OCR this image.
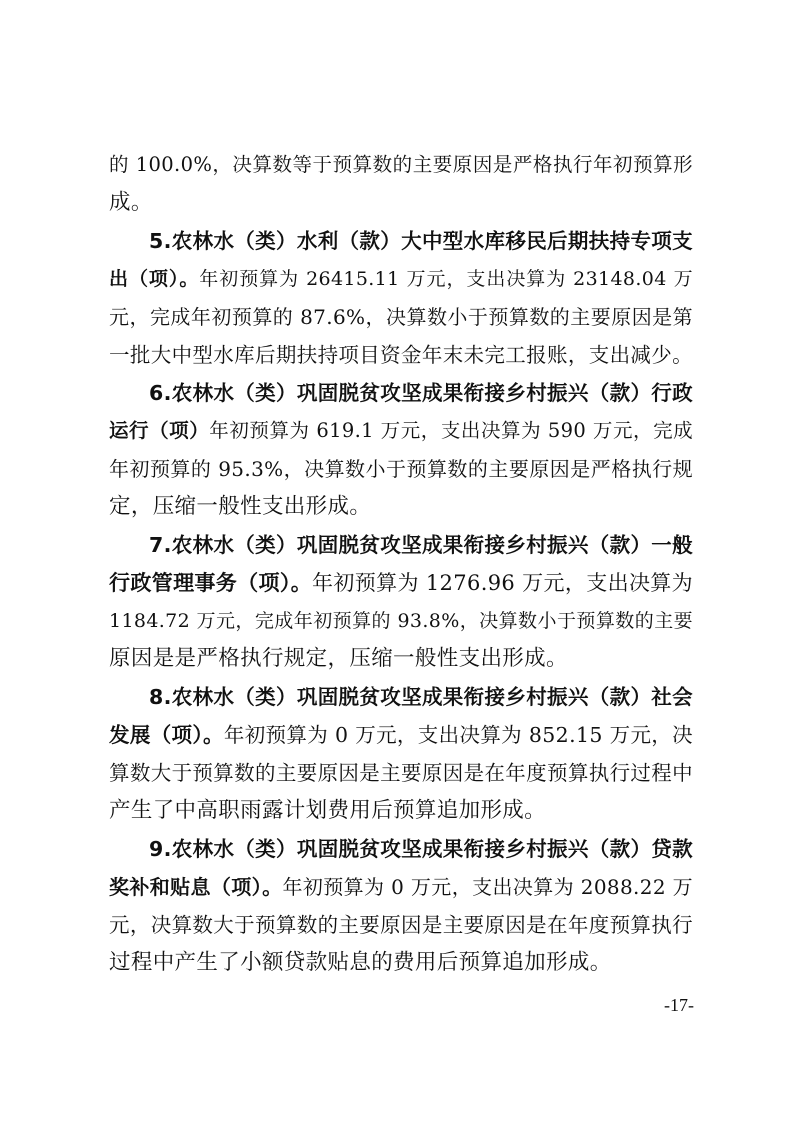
的 100.0%，决算数等于预算数的主要原因是严格执行年初预算形
成。
5.农林水（类）水利（款）大中型水库移民后期扶持专项支
出（项）。年初预算为 26415.11 万元，支出决算为 23148.04 万
元，完成年初预算的 87.6%，决算数小于预算数的主要原因是第
一批大中型水库后期扶持项目资金年末未完工报账，支出减少。
6.农林水（类）巩固脱贫攻坚成果衔接乡村振兴（款）行政
运行（项）年初预算为 619.1 万元，支出决算为 590 万元，完成
年初预算的 95.3%，决算数小于预算数的主要原因是严格执行规
定，压缩一般性支出形成。
7.农林水（类）巩固脱贫攻坚成果衔接乡村振兴（款）一般
行政管理事务（项）。年初预算为 1276.96 万元，支出决算为
1184.72 万元，完成年初预算的 93.8%，决算数小于预算数的主要
原因是是严格执行规定，压缩一般性支出形成。
8.农林水（类）巩固脱贫攻坚成果衔接乡村振兴（款）社会
发展（项）。年初预算为 0 万元，支出决算为 852.15 万元，决
算数大于预算数的主要原因是主要原因是在年度预算执行过程中
产生了中高职雨露计划费用后预算追加形成。
9.农林水（类）巩固脱贫攻坚成果衔接乡村振兴（款）贷款
奖补和贴息（项）。年初预算为 0 万元，支出决算为 2088.22 万
元，决算数大于预算数的主要原因是主要原因是在年度预算执行
过程中产生了小额贷款贴息的费用后预算追加形成。
-17-
